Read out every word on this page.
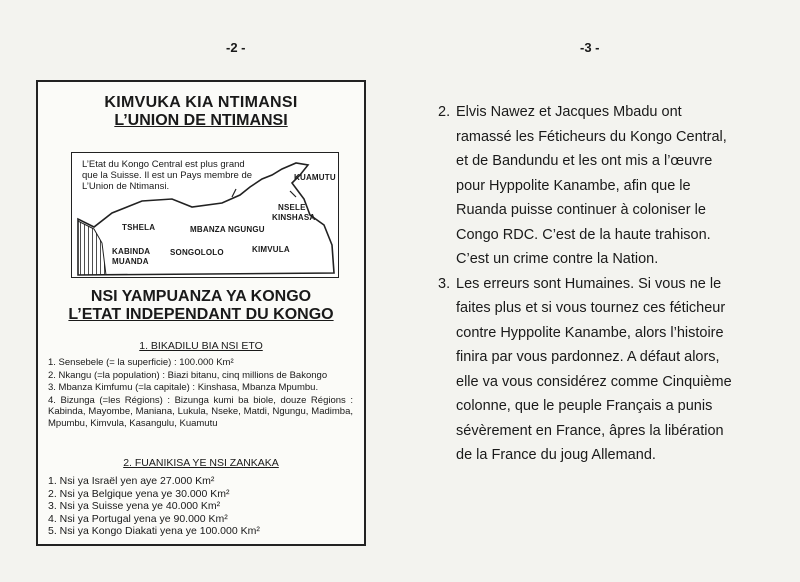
-2 -	-3 -
KIMVUKA KIA NTIMANSI
L’UNION DE NTIMANSI
L’Etat du Kongo Central est plus grand que la Suisse. Il est un Pays membre de L’Union de Ntimansi.
KUAMUTU
NSELE
KINSHASA
TSHELA	MBANZA NGUNGU
KABINDA
MUANDA
SONGOLOLO	KIMVULA
NSI YAMPUANZA YA KONGO
L’ETAT INDEPENDANT DU KONGO
1. BIKADILU BIA NSI ETO
1. Sensebele (= la superficie) : 100.000 Km²
2. Nkangu (=la population) : Biazi bitanu, cinq millions de Bakongo
3. Mbanza Kimfumu (=la capitale) : Kinshasa, Mbanza Mpumbu.
4. Bizunga (=les Régions) : Bizunga kumi ba biole, douze Régions : Kabinda, Mayombe, Maniana, Lukula, Nseke, Matdi, Ngungu, Madimba, Mpumbu, Kimvula, Kasangulu, Kuamutu
2. FUANIKISA YE NSI ZANKAKA
1. Nsi ya Israël yen aye 27.000 Km²
2. Nsi ya Belgique yena ye 30.000 Km²
3. Nsi ya Suisse yena ye 40.000 Km²
4. Nsi ya Portugal yena ye 90.000 Km²
5. Nsi ya Kongo Diakati yena ye 100.000 Km²
2. Elvis Nawez et Jacques Mbadu ont
ramassé les Féticheurs du Kongo Central,
et de Bandundu et les ont mis a l’œuvre
pour Hyppolite Kanambe, afin que le
Ruanda puisse continuer à coloniser le
Congo RDC. C’est de la haute trahison.
C’est un crime contre la Nation.
3. Les erreurs sont Humaines. Si vous ne le
faites plus et si vous tournez ces féticheur
contre Hyppolite Kanambe, alors l’histoire
finira par vous pardonnez. A défaut alors,
elle va vous considérez comme Cinquième
colonne, que le peuple Français a punis
sévèrement en France, âpres la libération
de la France du joug Allemand.
